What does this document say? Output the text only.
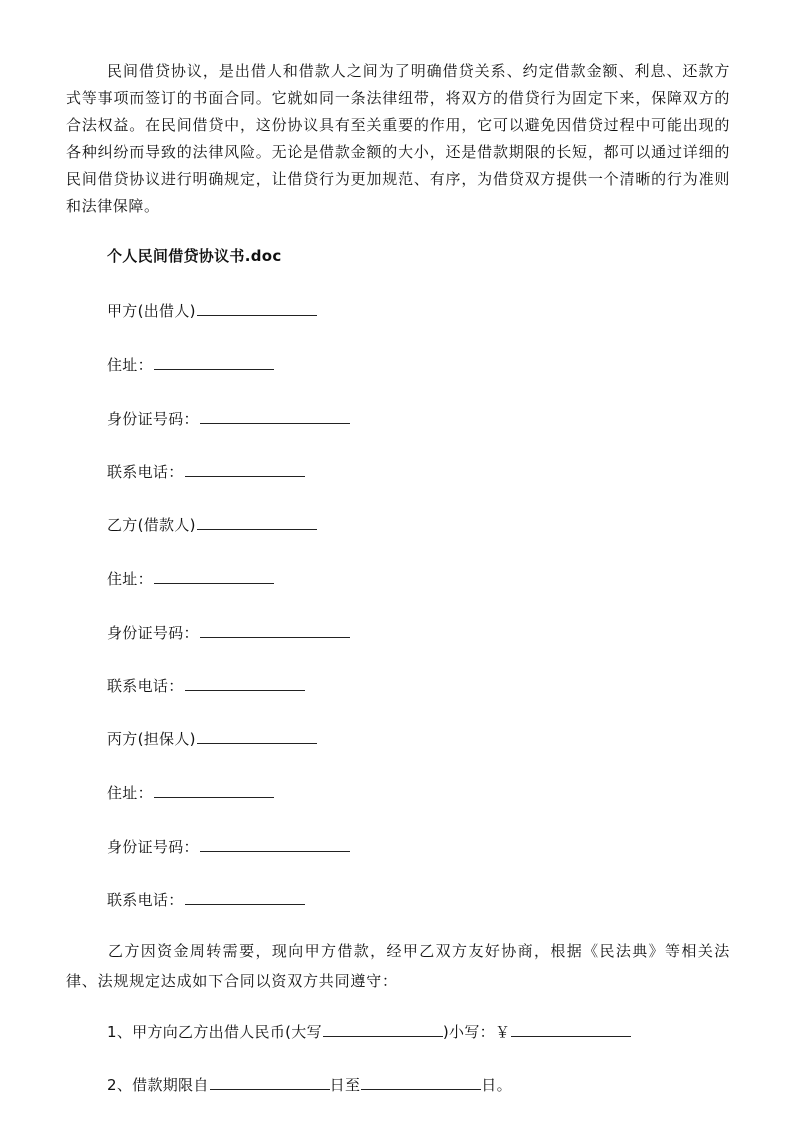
民间借贷协议，是出借人和借款人之间为了明确借贷关系、约定借款金额、利息、还款方式等事项而签订的书面合同。它就如同一条法律纽带，将双方的借贷行为固定下来，保障双方的合法权益。在民间借贷中，这份协议具有至关重要的作用，它可以避免因借贷过程中可能出现的各种纠纷而导致的法律风险。无论是借款金额的大小，还是借款期限的长短，都可以通过详细的民间借贷协议进行明确规定，让借贷行为更加规范、有序，为借贷双方提供一个清晰的行为准则和法律保障。

个人民间借贷协议书.doc
甲方(出借人)
住址：
身份证号码：
联系电话：
乙方(借款人)
住址：
身份证号码：
联系电话：
丙方(担保人)
住址：
身份证号码：
联系电话：

乙方因资金周转需要，现向甲方借款，经甲乙双方友好协商，根据《民法典》等相关法律、法规规定达成如下合同以资双方共同遵守：

1、甲方向乙方出借人民币(大写	)小写：￥
2、借款期限自	日至	日。
